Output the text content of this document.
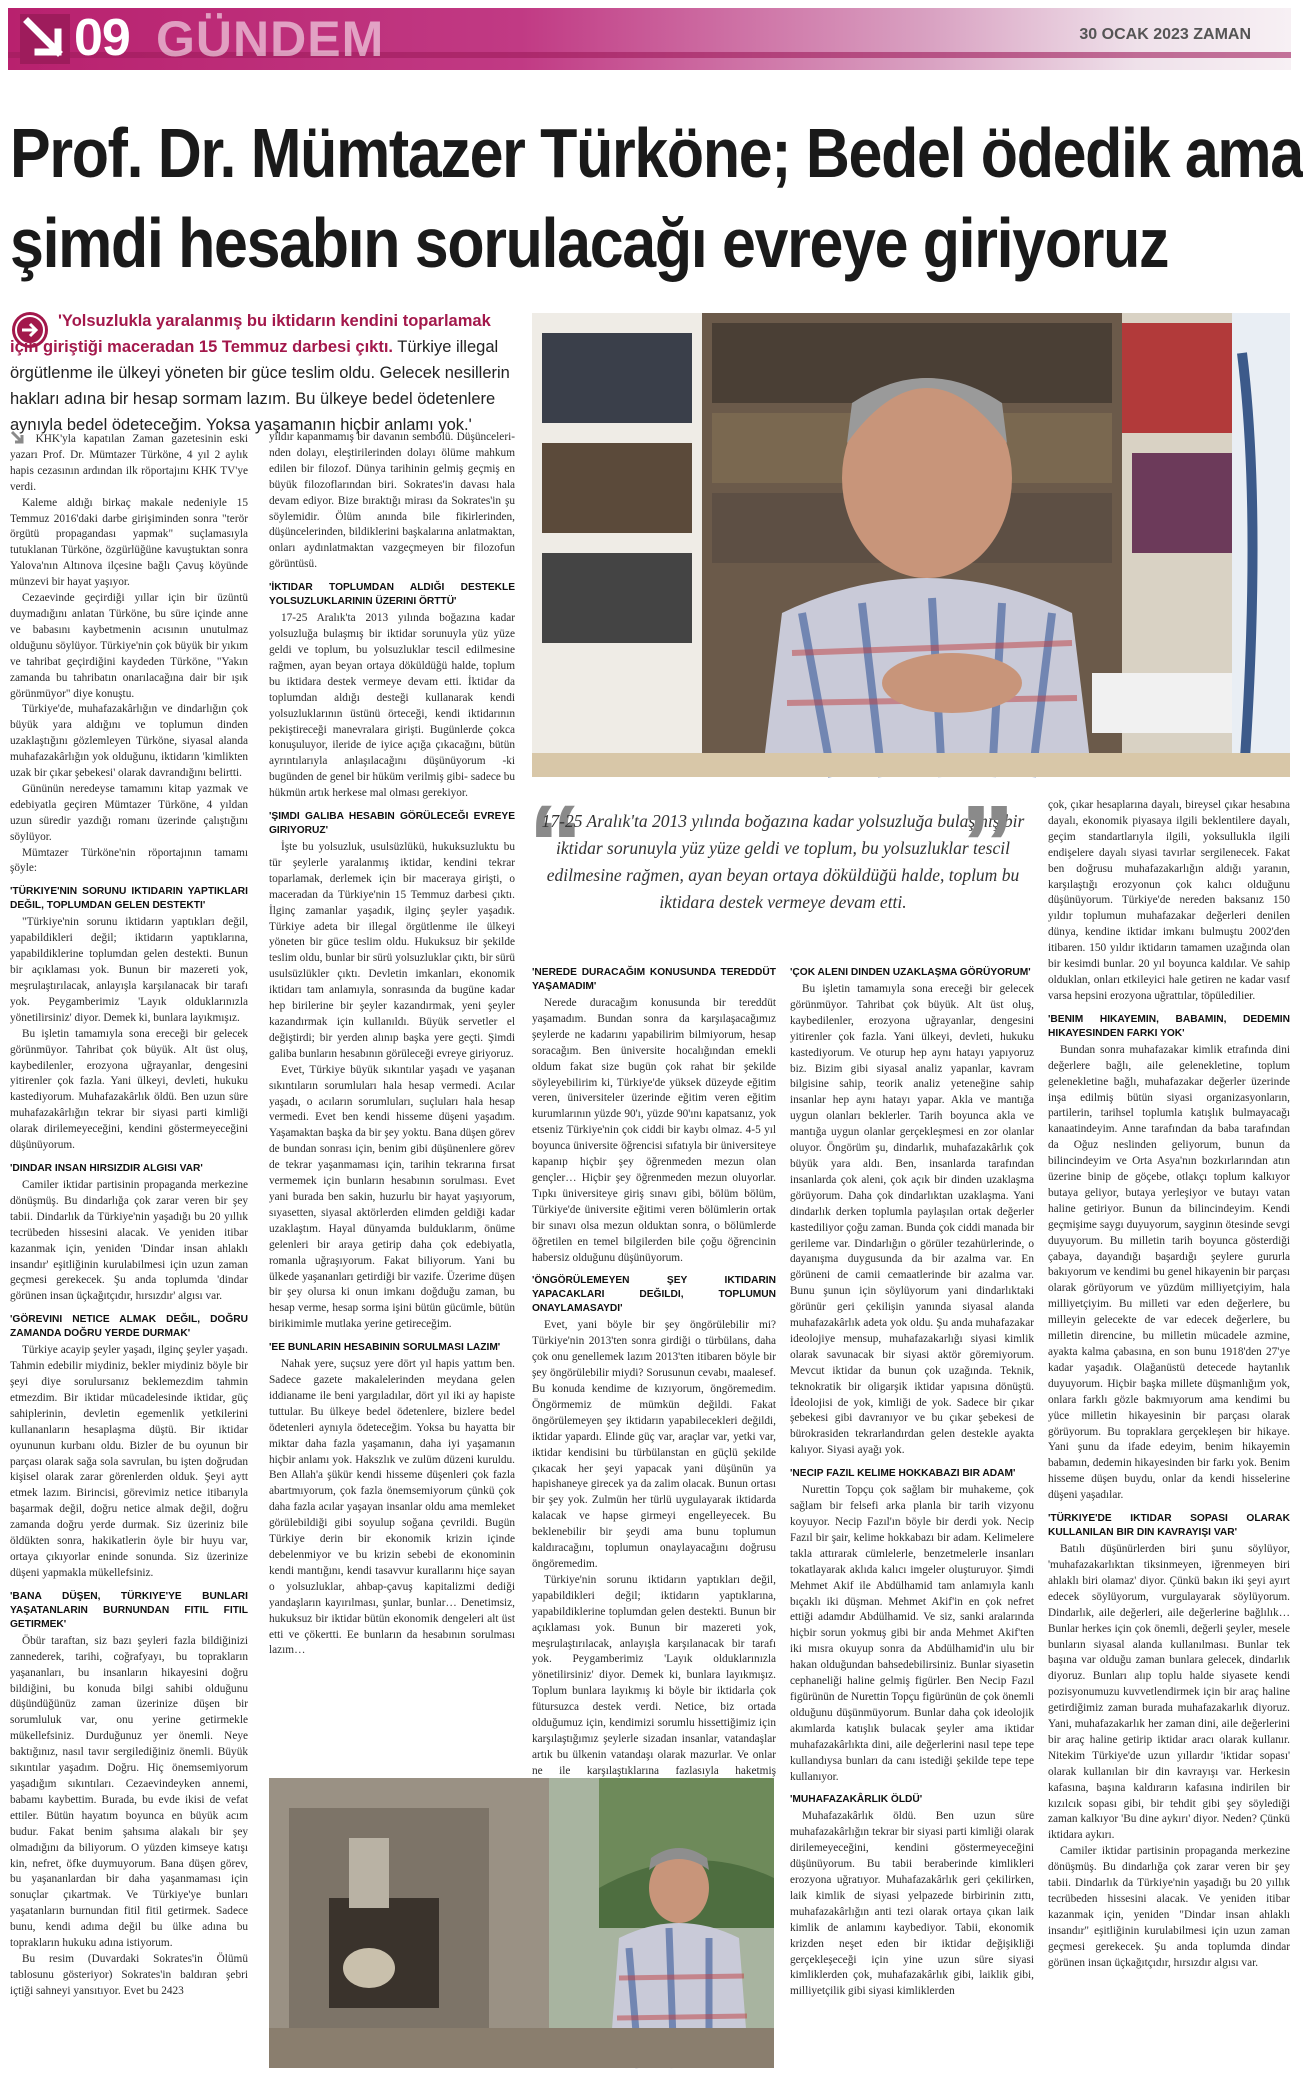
09 GÜNDEM	30 OCAK 2023 ZAMAN
Prof. Dr. Mümtazer Türköne; Bedel ödedik ama
şimdi hesabın sorulacağı evreye giriyoruz
'Yolsuzlukla yaralanmış bu iktidarın kendini toparlamak için giriştiği maceradan 15 Temmuz darbesi çıktı. Türkiye illegal örgütlenme ile ülkeyi yöneten bir güce teslim oldu. Gelecek nesillerin hakları adına bir hesap sormam lazım. Bu ülkeye bedel ödetenlere aynıyla bedel ödeteceğim. Yoksa yaşamanın hiçbir anlamı yok.'
“
17-25 Aralık'ta 2013 yılında boğazına kadar yolsuzluğa bulaşmış bir iktidar sorunuyla yüz yüze geldi ve toplum, bu yolsuzluklar tescil edilmesine rağmen, ayan beyan ortaya döküldüğü halde, toplum bu iktidara destek vermeye devam etti. ”

KHK'yla kapatılan Zaman gazetesinin eski yazarı Prof. Dr. Mümtazer Türköne, 4 yıl 2 aylık hapis cezasının ardından ilk röportajını KHK TV'ye verdi.

Kaleme aldığı birkaç makale nedeniyle 15 Temmuz 2016'daki darbe girişiminden sonra "terör örgütü propagandası yapmak" suçlamasıyla tutuklanan Türköne, özgürlüğüne kavuştuktan sonra Yalova'nın Altınova ilçesine bağlı Çavuş köyünde münzevi bir hayat yaşıyor.

Cezaevinde geçirdiği yıllar için bir üzüntü duymadığını anlatan Türköne, bu süre içinde anne ve babasını kaybetmenin acısının unutulmaz olduğunu söylüyor. Türkiye'nin çok büyük bir yıkım ve tahribat geçirdiğini kaydeden Türköne, "Yakın zamanda bu tahribatın onarılacağına dair bir ışık görünmüyor" diye konuştu.

Türkiye'de, muhafazakârlığın ve dindarlığın çok büyük yara aldığını ve toplumun dinden uzaklaştığını gözlemleyen Türköne, siyasal alanda muhafazakârlığın yok olduğunu, iktidarın 'kimlikten uzak bir çıkar şebekesi' olarak davrandığını belirtti.

Gününün neredeyse tamamını kitap yazmak ve edebiyatla geçiren Mümtazer Türköne, 4 yıldan uzun süredir yazdığı romanı üzerinde çalıştığını söylüyor.

Mümtazer Türköne'nin röportajının tamamı şöyle:

'TÜRKIYE'NIN SORUNU IKTIDARIN YAPTIKLARI DEĞIL, TOPLUMDAN GELEN DESTEKTI'

"Türkiye'nin sorunu iktidarın yaptıkları değil, yapabildikleri değil; iktidarın yaptıklarına, yapabildiklerine toplumdan gelen destekti. Bunun bir açıklaması yok. Bunun bir mazereti yok, meşrulaştırılacak, anlayışla karşılanacak bir tarafı yok. Peygamberimiz 'Layık olduklarınızla yönetilirsiniz' diyor. Demek ki, bunlara layıkmışız.

Bu işletin tamamıyla sona ereceği bir gelecek görünmüyor. Tahribat çok büyük. Alt üst oluş, kaybedilenler, erozyona uğrayanlar, dengesini yitirenler çok fazla. Yani ülkeyi, devleti, hukuku kastediyorum. Muhafazakârlık öldü. Ben uzun süre muhafazakârlığın tekrar bir siyasi parti kimliği olarak dirilemeyeceğini, kendini göstermeyeceğini düşünüyorum.

'DINDAR INSAN HIRSIZDIR ALGISI VAR'

Camiler iktidar partisinin propaganda merkezine dönüşmüş. Bu dindarlığa çok zarar veren bir şey tabii. Dindarlık da Türkiye'nin yaşadığı bu 20 yıllık tecrübeden hissesini alacak. Ve yeniden itibar kazanmak için, yeniden 'Dindar insan ahlaklı insandır' eşitliğinin kurulabilmesi için uzun zaman geçmesi gerekecek. Şu anda toplumda 'dindar görünen insan üçkağıtçıdır, hırsızdır' algısı var.

'GÖREVINI NETICE ALMAK DEĞIL, DOĞRU ZAMANDA DOĞRU YERDE DURMAK'

Türkiye acayip şeyler yaşadı, ilginç şeyler yaşadı. Tahmin edebilir miydiniz, bekler miydiniz böyle bir şeyi diye sorulursanız beklemezdim tahmin etmezdim. Bir iktidar mücadelesinde iktidar, güç sahiplerinin, devletin egemenlik yetkilerini kullananların hesaplaşma düştü. Bir iktidar oyununun kurbanı oldu. Bizler de bu oyunun bir parçası olarak sağa sola savrulan, bu işten doğrudan kişisel olarak zarar görenlerden olduk. Şeyi aytt etmek lazım. Birincisi, görevimiz netice itibarıyla başarmak değil, doğru netice almak değil, doğru zamanda doğru yerde durmak. Siz üzeriniz bile öldükten sonra, hakikatlerin öyle bir huyu var, ortaya çıkıyorlar eninde sonunda. Siz üzerinize düşeni yapmakla mükellefsiniz.

'BANA DÜŞEN, TÜRKIYE'YE BUNLARI YAŞATANLARIN BURNUNDAN FITIL FITIL GETIRMEK'

Öbür taraftan, siz bazı şeyleri fazla bildiğinizi zannederek, tarihi, coğrafyayı, bu toprakların yaşananları, bu insanların hikayesini doğru bildiğini, bu konuda bilgi sahibi olduğunu düşündüğünüz zaman üzerinize düşen bir sorumluluk var, onu yerine getirmekle mükellefsiniz. Durduğunuz yer önemli. Neye baktığınız, nasıl tavır sergilediğiniz önemli. Büyük sıkıntılar yaşadım. Doğru. Hiç önemsemiyorum yaşadığım sıkıntıları. Cezaevindeyken annemi, babamı kaybettim. Burada, bu evde ikisi de vefat ettiler. Bütün hayatım boyunca en büyük acım budur. Fakat benim şahsıma alakalı bir şey olmadığını da biliyorum. O yüzden kimseye katışı kin, nefret, öfke duymuyorum. Bana düşen görev, bu yaşananlardan bir daha yaşanmaması için sonuçlar çıkartmak. Ve Türkiye'ye bunları yaşatanların burnundan fitil fitil getirmek. Sadece bunu, kendi adıma değil bu ülke adına bu toprakların hukuku adına istiyorum.

Bu resim (Duvardaki Sokrates'in Ölümü tablosunu gösteriyor) Sokrates'in baldıran şebri içtiği sahneyi yansıtıyor. Evet bu 2423

yıldır kapanmamış bir davanın sembolü. Düşüncelerinden dolayı, eleştirilerinden dolayı ölüme mahkum edilen bir filozof. Dünya tarihinin gelmiş geçmiş en büyük filozoflarından biri. Sokrates'in davası hala devam ediyor. Bize bıraktığı mirası da Sokrates'in şu söylemidir. Ölüm anında bile fikirlerinden, düşüncelerinden, bildiklerini başkalarına anlatmaktan, onları aydınlatmaktan vazgeçmeyen bir filozofun görüntüsü.

'İKTIDAR TOPLUMDAN ALDIĞI DESTEKLE YOLSUZLUKLARININ ÜZERINI ÖRTTÜ'

17-25 Aralık'ta 2013 yılında boğazına kadar yolsuzluğa bulaşmış bir iktidar sorunuyla yüz yüze geldi ve toplum, bu yolsuzluklar tescil edilmesine rağmen, ayan beyan ortaya döküldüğü halde, toplum bu iktidara destek vermeye devam etti. İktidar da toplumdan aldığı desteği kullanarak kendi yolsuzluklarının üstünü örteceği, kendi iktidarının pekiştireceği manevralara girişti. Bugünlerde çokca konuşuluyor, ileride de iyice açığa çıkacağını, bütün ayrıntılarıyla anlaşılacağını düşünüyorum -ki bugünden de genel bir hüküm verilmiş gibi- sadece bu hükmün artık herkese mal olması gerekiyor.

'ŞIMDI GALIBA HESABIN GÖRÜLECEĞI EVREYE GIRIYORUZ'

İşte bu yolsuzluk, usulsüzlükü, hukuksuzluktu bu tür şeylerle yaralanmış iktidar, kendini tekrar toparlamak, derlemek için bir maceraya girişti, o maceradan da Türkiye'nin 15 Temmuz darbesi çıktı. İlginç zamanlar yaşadık, ilginç şeyler yaşadık. Türkiye adeta bir illegal örgütlenme ile ülkeyi yöneten bir güce teslim oldu. Hukuksuz bir şekilde teslim oldu, bunlar bir sürü yolsuzluklar çıktı, bir sürü usulsüzlükler çıktı. Devletin imkanları, ekonomik iktidarı tam anlamıyla, sonrasında da bugüne kadar hep birilerine bir şeyler kazandırmak, yeni şeyler kazandırmak için kullanıldı. Büyük servetler el değiştirdi; bir yerden alınıp başka yere geçti. Şimdi galiba bunların hesabının görüleceği evreye giriyoruz.

Evet, Türkiye büyük sıkıntılar yaşadı ve yaşanan sıkıntıların sorumluları hala hesap vermedi. Acılar yaşadı, o acıların sorumluları, suçluları hala hesap vermedi. Evet ben kendi hisseme düşeni yaşadım. Yaşamaktan başka da bir şey yoktu. Bana düşen görev de bundan sonrası için, benim gibi düşünenlere görev de tekrar yaşanmaması için, tarihin tekrarına fırsat vermemek için bunların hesabının sorulması. Evet yani burada ben sakin, huzurlu bir hayat yaşıyorum, sıyasetten, siyasal aktörlerden elimden geldiği kadar uzaklaştım. Hayal dünyamda bulduklarım, önüme gelenleri bir araya getirip daha çok edebiyatla, romanla uğraşıyorum. Fakat biliyorum. Yani bu ülkede yaşananları getirdiği bir vazife. Üzerime düşen bir şey olursa ki onun imkanı doğduğu zaman, bu hesap verme, hesap sorma işini bütün gücümle, bütün birikimimle mutlaka yerine getireceğim.

'EE BUNLARIN HESABININ SORULMASI LAZIM'

Nahak yere, suçsuz yere dört yıl hapis yattım ben. Sadece gazete makalelerinden meydana gelen iddianame ile beni yargıladılar, dört yıl iki ay hapiste tuttular. Bu ülkeye bedel ödetenlere, bizlere bedel ödetenleri aynıyla ödeteceğim. Yoksa bu hayatta bir miktar daha fazla yaşamanın, daha iyi yaşamanın hiçbir anlamı yok. Hakszlık ve zulüm düzeni kuruldu. Ben Allah'a şükür kendi hisseme düşenleri çok fazla abartmıyorum, çok fazla önemsemiyorum çünkü çok daha fazla acılar yaşayan insanlar oldu ama memleket görülebildiği gibi soyulup soğana çevrildi. Bugün Türkiye derin bir ekonomik krizin içinde debelenmiyor ve bu krizin sebebi de ekonominin kendi mantığını, kendi tasavvur kurallarını hiçe sayan o yolsuzluklar, ahbap-çavuş kapitalizmi dediği yandaşların kayırılması, şunlar, bunlar… Denetimsiz, hukuksuz bir iktidar bütün ekonomik dengeleri alt üst etti ve çökertti. Ee bunların da hesabının sorulması lazım…

'NEREDE DURACAĞIM KONUSUNDA TEREDDÜT YAŞAMADIM'

Nerede duracağım konusunda bir tereddüt yaşamadım. Bundan sonra da karşılaşacağımız şeylerde ne kadarını yapabilirim bilmiyorum, hesap soracağım. Ben üniversite hocalığından emekli oldum fakat size bugün çok rahat bir şekilde söyleyebilirim ki, Türkiye'de yüksek düzeyde eğitim veren, üniversiteler üzerinde eğitim veren eğitim kurumlarının yüzde 90'ı, yüzde 90'ını kapatsanız, yok etseniz Türkiye'nin çok ciddi bir kaybı olmaz. 4-5 yıl boyunca üniversite öğrencisi sıfatıyla bir üniversiteye kapanıp hiçbir şey öğrenmeden mezun olan gençler… Hiçbir şey öğrenmeden mezun oluyorlar. Tıpkı üniversiteye giriş sınavı gibi, bölüm bölüm, Türkiye'de üniversite eğitimi veren bölümlerin ortak bir sınavı olsa mezun olduktan sonra, o bölümlerde öğretilen en temel bilgilerden bile çoğu öğrencinin habersiz olduğunu düşünüyorum.

'ÖNGÖRÜLEMEYEN ŞEY IKTIDARIN YAPACAKLARI DEĞILDI, TOPLUMUN ONAYLAMASAYDI'

Evet, yani böyle bir şey öngörülebilir mi? Türkiye'nin 2013'ten sonra girdiği o türbülans, daha çok onu genellemek lazım 2013'ten itibaren böyle bir şey öngörülebilir miydi? Sorusunun cevabı, maalesef. Bu konuda kendime de kızıyorum, öngöremedim. Öngörmemiz de mümkün değildi. Fakat öngörülemeyen şey iktidarın yapabilecekleri değildi, iktidar yapardı. Elinde güç var, araçlar var, yetki var, iktidar kendisini bu türbülanstan en güçlü şekilde çıkacak her şeyi yapacak yani düşünün ya hapishaneye girecek ya da zalim olacak. Bunun ortası bir şey yok. Zulmün her türlü uygulayarak iktidarda kalacak ve hapse girmeyi engelleyecek. Bu beklenebilir bir şeydi ama bunu toplumun kaldıracağını, toplumun onaylayacağını doğrusu öngöremedim.

Türkiye'nin sorunu iktidarın yaptıkları değil, yapabildikleri değil; iktidarın yaptıklarına, yapabildiklerine toplumdan gelen destekti. Bunun bir açıklaması yok. Bunun bir mazereti yok, meşrulaştırılacak, anlayışla karşılanacak bir tarafı yok. Peygamberimiz 'Layık olduklarınızla yönetilirsiniz' diyor. Demek ki, bunlara layıkmışız. Toplum bunlara layıkmış ki böyle bir iktidarla çok fütursuzca destek verdi. Netice, biz ortada olduğumuz için, kendimizi sorumlu hissettiğimiz için karşılaştığımız şeylerle sizadan insanlar, vatandaşlar artık bu ülkenin vatandaşı olarak mazurlar. Ve onlar ne ile karşılaştıklarına fazlasıyla haketmiş

'ÇOK ALENI DINDEN UZAKLAŞMA GÖRÜYORUM'

Bu işletin tamamıyla sona ereceği bir gelecek görünmüyor. Tahribat çok büyük. Alt üst oluş, kaybedilenler, erozyona uğrayanlar, dengesini yitirenler çok fazla. Yani ülkeyi, devleti, hukuku kastediyorum. Ve oturup hep aynı hatayı yapıyoruz biz. Bizim gibi siyasal analiz yapanlar, kavram bilgisine sahip, teorik analiz yeteneğine sahip insanlar hep aynı hatayı yapar. Akla ve mantığa uygun olanları beklerler. Tarih boyunca akla ve mantığa uygun olanlar gerçekleşmesi en zor olanlar oluyor. Öngörüm şu, dindarlık, muhafazakârlık çok büyük yara aldı. Ben, insanlarda tarafından insanlarda çok aleni, çok açık bir dinden uzaklaşma görüyorum. Daha çok dindarlıktan uzaklaşma. Yani dindarlık derken toplumla paylaşılan ortak değerler kastediliyor çoğu zaman. Bunda çok ciddi manada bir gerileme var. Dindarlığın o görüler tezahürlerinde, o dayanışma duygusunda da bir azalma var. En görüneni de camii cemaatlerinde bir azalma var. Bunu şunun için söylüyorum yani dindarlıktaki görünür geri çekilişin yanında siyasal alanda muhafazakârlık adeta yok oldu. Şu anda muhafazakar ideolojiye mensup, muhafazakarlığı siyasi kimlik olarak savunacak bir siyasi aktör göremiyorum. Mevcut iktidar da bunun çok uzağında. Teknik, teknokratik bir oligarşik iktidar yapısına dönüştü. İdeolojisi de yok, kimliği de yok. Sadece bir çıkar şebekesi gibi davranıyor ve bu çıkar şebekesi de bürokrasiden tekrarlandırdan gelen destekle ayakta kalıyor. Siyasi ayağı yok.

'NECIP FAZIL KELIME HOKKABAZI BIR ADAM'

Nurettin Topçu çok sağlam bir muhakeme, çok sağlam bir felsefi arka planla bir tarih vizyonu koyuyor. Necip Fazıl'ın böyle bir derdi yok. Necip Fazıl bir şair, kelime hokkabazı bir adam. Kelimelere takla attırarak cümlelerle, benzetmelerle insanları tokatlayarak aklıda kalıcı imgeler oluşturuyor. Şimdi Mehmet Akif ile Abdülhamid tam anlamıyla kanlı bıçaklı iki düşman. Mehmet Akif'in en çok nefret ettiği adamdır Abdülhamid. Ve siz, sanki aralarında hiçbir sorun yokmuş gibi bir anda Mehmet Akif'ten iki mısra okuyup sonra da Abdülhamid'in ulu bir hakan olduğundan bahsedebilirsiniz. Bunlar siyasetin cephaneliği haline gelmiş figürler. Ben Necip Fazıl figürünün de Nurettin Topçu figürünün de çok önemli olduğunu düşünmüyorum. Bunlar daha çok ideolojik akımlarda katışlık bulacak şeyler ama iktidar muhafazakârlıkta dini, aile değerlerini nasıl tepe tepe kullandıysa bunları da canı istediği şekilde tepe tepe kullanıyor.

'MUHAFAZAKÂRLIK ÖLDÜ'

Muhafazakârlık öldü. Ben uzun süre muhafazakârlığın tekrar bir siyasi parti kimliği olarak dirilemeyeceğini, kendini göstermeyeceğini düşünüyorum. Bu tabii beraberinde kimlikleri erozyona uğratıyor. Muhafazakârlık geri çekilirken, laik kimlik de siyasi yelpazede birbirinin zıttı, muhafazakârlığın anti tezi olarak ortaya çıkan laik kimlik de anlamını kaybediyor. Tabii, ekonomik krizden neşet eden bir iktidar değişikliği gerçekleşeceği için yine uzun süre siyasi kimliklerden çok, muhafazakârlık gibi, laiklik gibi, milliyetçilik gibi siyasi kimliklerden

çok, çıkar hesaplarına dayalı, bireysel çıkar hesabına dayalı, ekonomik piyasaya ilgili beklentilere dayalı, geçim standartlarıyla ilgili, yoksullukla ilgili endişelere dayalı siyasi tavırlar sergilenecek. Fakat ben doğrusu muhafazakarlığın aldığı yaranın, karşılaştığı erozyonun çok kalıcı olduğunu düşünüyorum. Türkiye'de nereden baksanız 150 yıldır toplumun muhafazakar değerleri denilen dünya, kendine iktidar imkanı bulmuştu 2002'den itibaren. 150 yıldır iktidarın tamamen uzağında olan bir kesimdi bunlar. 20 yıl boyunca kaldılar. Ve sahip olduklan, onları etkileyici hale getiren ne kadar vasıf varsa hepsini erozyona uğrattılar, töpüledilier.

'BENIM HIKAYEMIN, BABAMIN, DEDEMIN HIKAYESINDEN FARKI YOK'

Bundan sonra muhafazakar kimlik etrafında dini değerlere bağlı, aile gelenekletine, toplum gelenekletine bağlı, muhafazakar değerler üzerinde inşa edilmiş bütün siyasi organizasyonların, partilerin, tarihsel toplumla katışlık bulmayacağı kanaatindeyim. Anne tarafından da baba tarafından da Oğuz neslinden geliyorum, bunun da bilincindeyim ve Orta Asya'nın bozkırlarından atın üzerine binip de göçebe, otlakçı toplum kalkıyor butaya geliyor, butaya yerleşiyor ve butayı vatan haline getiriyor. Bunun da bilincindeyim. Kendi geçmişime saygı duyuyorum, sayginın ötesinde sevgi duyuyorum. Bu milletin tarih boyunca gösterdiği çabaya, dayandığı başardığı şeylere gururla bakıyorum ve kendimi bu genel hikayenin bir parçası olarak görüyorum ve yüzdüm milliyetçiyim, hala milliyetçiyim. Bu milleti var eden değerlere, bu milleyin gelecekte de var edecek değerlere, bu milletin direncine, bu milletin mücadele azmine, ayakta kalma çabasına, en son bunu 1918'den 27'ye kadar yaşadık. Olağanüstü detecede haytanlık duyuyorum. Hiçbir başka millete düşmanlığım yok, onlara farklı gözle bakmıyorum ama kendimi bu yüce milletin hikayesinin bir parçası olarak görüyorum. Bu topraklara gerçekleşen bir hikaye. Yani şunu da ifade edeyim, benim hikayemin babamın, dedemin hikayesinden bir farkı yok. Benim hissemе düşen buydu, onlar da kendi hisselerine düşeni yaşadılar.

'TÜRKIYE'DE IKTIDAR SOPASI OLARAK KULLANILAN BIR DIN KAVRAYIŞI VAR'

Batılı düşünürlerden biri şunu söylüyor, 'muhafazakarlıktan tiksinmeyen, iğrenmeyen biri ahlaklı biri olamaz' diyor. Çünkü bakın iki şeyi ayırt edecek söylüyorum, vurgulayarak söylüyorum. Dindarlık, aile değerleri, aile değerlerine bağlılık… Bunlar herkes için çok önemli, değerli şeyler, meselе bunların siyasal alanda kullanılması. Bunlar tek başına var olduğu zaman bunlara gelecek, dindarlık diyoruz. Bunları alıp toplu halde siyasete kendi pozisyonumuzu kuvvetlendirmek için bir araç haline getirdiğimiz zaman burada muhafazakarlık diyoruz. Yani, muhafazakarlık her zaman dini, aile değerlerini bir araç haline getirip iktidar aracı olarak kullanır. Nitekim Türkiye'de uzun yıllardır 'iktidar sopası' olarak kullanılan bir din kavrayışı var. Herkesin kafasına, başına kaldırarın kafasına indirilen bir kızılcık sopası gibi, bir tehdit gibi şey söylediği zaman kalkıyor 'Bu dine aykırı' diyor. Neden? Çünkü iktidara aykırı.

Camiler iktidar partisinin propaganda merkezine dönüşmüş. Bu dindarlığa çok zarar veren bir şey tabii. Dindarlık da Türkiye'nin yaşadığı bu 20 yıllık tecrübeden hissesini alacak. Ve yeniden itibar kazanmak için, yeniden "Dindar insan ahlaklı insandır" eşitliğinin kurulabilmesi için uzun zaman geçmesi gerekecek. Şu anda toplumda dindar görünen insan üçkağıtçıdır, hırsızdır algısı var.
